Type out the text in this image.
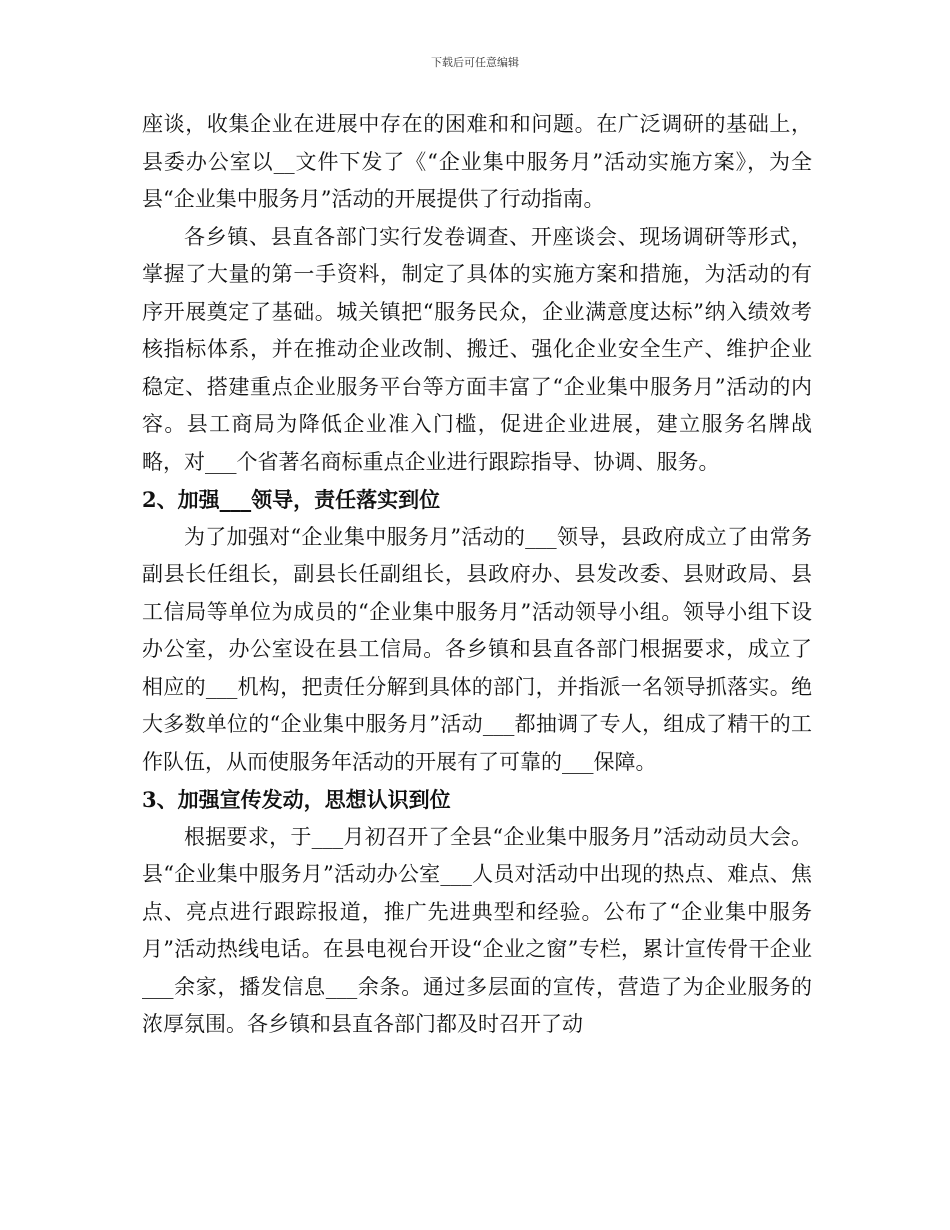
下载后可任意编辑

座谈，收集企业在进展中存在的困难和和问题。在广泛调研的基础上，县委办公室以__文件下发了《“企业集中服务月”活动实施方案》，为全县“企业集中服务月”活动的开展提供了行动指南。

各乡镇、县直各部门实行发卷调查、开座谈会、现场调研等形式，掌握了大量的第一手资料，制定了具体的实施方案和措施，为活动的有序开展奠定了基础。城关镇把“服务民众，企业满意度达标”纳入绩效考核指标体系，并在推动企业改制、搬迁、强化企业安全生产、维护企业稳定、搭建重点企业服务平台等方面丰富了“企业集中服务月”活动的内容。县工商局为降低企业准入门槛，促进企业进展，建立服务名牌战略，对___个省著名商标重点企业进行跟踪指导、协调、服务。

2、加强___领导，责任落实到位

为了加强对“企业集中服务月”活动的___领导，县政府成立了由常务副县长任组长，副县长任副组长，县政府办、县发改委、县财政局、县工信局等单位为成员的“企业集中服务月”活动领导小组。领导小组下设办公室，办公室设在县工信局。各乡镇和县直各部门根据要求，成立了相应的___机构，把责任分解到具体的部门，并指派一名领导抓落实。绝大多数单位的“企业集中服务月”活动___都抽调了专人，组成了精干的工作队伍，从而使服务年活动的开展有了可靠的___保障。

3、加强宣传发动，思想认识到位

根据要求，于___月初召开了全县“企业集中服务月”活动动员大会。县“企业集中服务月”活动办公室___人员对活动中出现的热点、难点、焦点、亮点进行跟踪报道，推广先进典型和经验。公布了“企业集中服务月”活动热线电话。在县电视台开设“企业之窗”专栏，累计宣传骨干企业___余家，播发信息___余条。通过多层面的宣传，营造了为企业服务的浓厚氛围。各乡镇和县直各部门都及时召开了动
